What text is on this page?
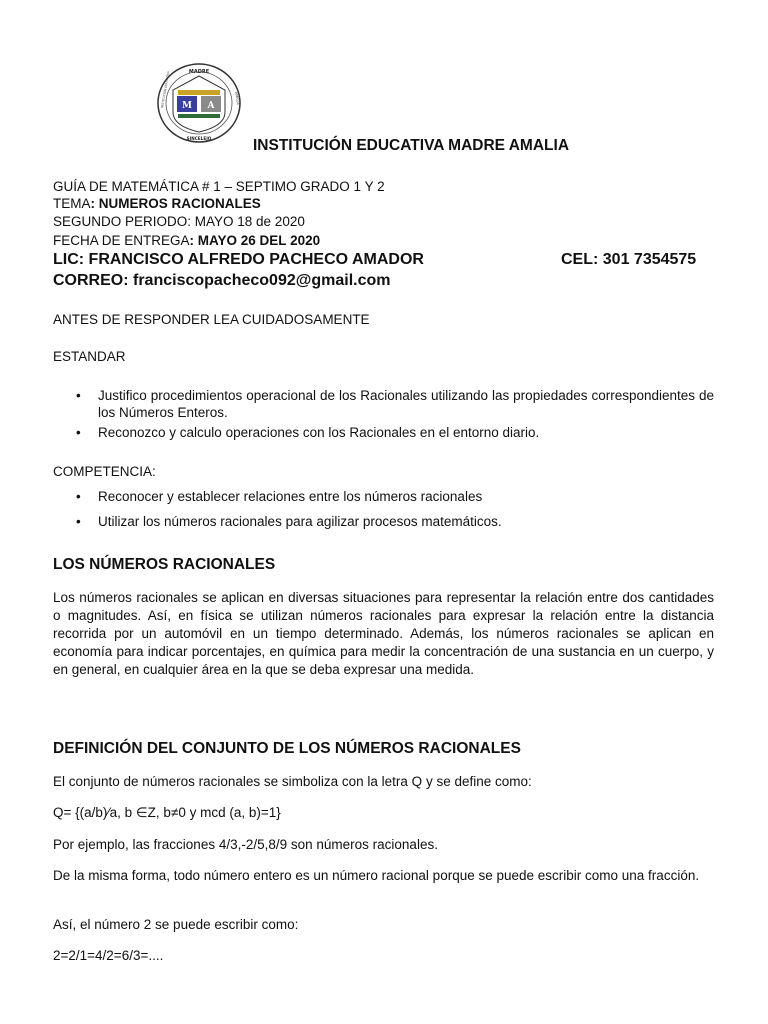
MADRE
SINCELEJO
INSTITUCIÓN EDUCATIVA	AMALIA
M A
INSTITUCIÓN EDUCATIVA MADRE AMALIA
GUÍA DE MATEMÁTICA # 1 – SEPTIMO GRADO 1 Y 2
TEMA: NUMEROS RACIONALES
SEGUNDO PERIODO: MAYO 18 de 2020
FECHA DE ENTREGA: MAYO 26 DEL 2020
LIC: FRANCISCO ALFREDO PACHECO AMADOR	CEL: 301 7354575
CORREO: franciscopacheco092@gmail.com
ANTES DE RESPONDER LEA CUIDADOSAMENTE
ESTANDAR
• Justifico procedimientos operacional de los Racionales utilizando las propiedades correspondientes de los Números Enteros.
• Reconozco y calculo operaciones con los Racionales en el entorno diario.
COMPETENCIA:
• Reconocer y establecer relaciones entre los números racionales
• Utilizar los números racionales para agilizar procesos matemáticos.
LOS NÚMEROS RACIONALES
Los números racionales se aplican en diversas situaciones para representar la relación entre dos cantidades o magnitudes. Así, en física se utilizan números racionales para expresar la relación entre la distancia recorrida por un automóvil en un tiempo determinado. Además, los números racionales se aplican en economía para indicar porcentajes, en química para medir la concentración de una sustancia en un cuerpo, y en general, en cualquier área en la que se deba expresar una medida.
DEFINICIÓN DEL CONJUNTO DE LOS NÚMEROS RACIONALES
El conjunto de números racionales se simboliza con la letra Q y se define como:
Q= {(a/b)⁄a, b ∈Z, b≠0 y mcd (a, b)=1}
Por ejemplo, las fracciones 4/3,-2/5,8/9 son números racionales.
De la misma forma, todo número entero es un número racional porque se puede escribir como una fracción.
Así, el número 2 se puede escribir como:
2=2/1=4/2=6/3=....
